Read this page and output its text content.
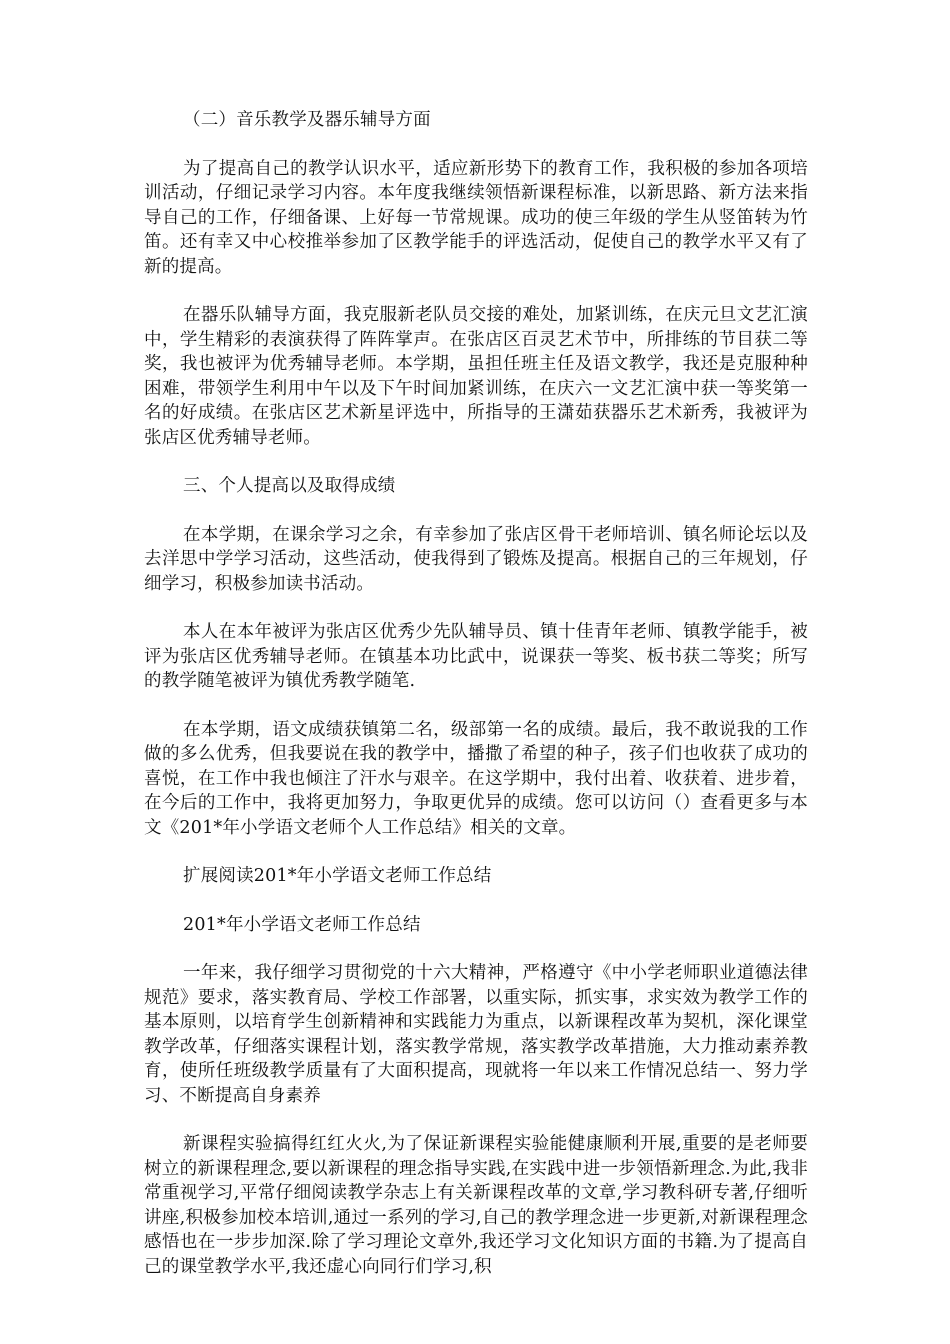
（二）音乐教学及器乐辅导方面

为了提高自己的教学认识水平，适应新形势下的教育工作，我积极的参加各项培训活动，仔细记录学习内容。本年度我继续领悟新课程标准，以新思路、新方法来指导自己的工作，仔细备课、上好每一节常规课。成功的使三年级的学生从竖笛转为竹笛。还有幸又中心校推举参加了区教学能手的评选活动，促使自己的教学水平又有了新的提高。

在器乐队辅导方面，我克服新老队员交接的难处，加紧训练，在庆元旦文艺汇演中，学生精彩的表演获得了阵阵掌声。在张店区百灵艺术节中，所排练的节目获二等奖，我也被评为优秀辅导老师。本学期，虽担任班主任及语文教学，我还是克服种种困难，带领学生利用中午以及下午时间加紧训练，在庆六一文艺汇演中获一等奖第一名的好成绩。在张店区艺术新星评选中，所指导的王潇茹获器乐艺术新秀，我被评为张店区优秀辅导老师。

三、个人提高以及取得成绩

在本学期，在课余学习之余，有幸参加了张店区骨干老师培训、镇名师论坛以及去洋思中学学习活动，这些活动，使我得到了锻炼及提高。根据自己的三年规划，仔细学习，积极参加读书活动。

本人在本年被评为张店区优秀少先队辅导员、镇十佳青年老师、镇教学能手，被评为张店区优秀辅导老师。在镇基本功比武中，说课获一等奖、板书获二等奖；所写的教学随笔被评为镇优秀教学随笔.

在本学期，语文成绩获镇第二名，级部第一名的成绩。最后，我不敢说我的工作做的多么优秀，但我要说在我的教学中，播撒了希望的种子，孩子们也收获了成功的喜悦，在工作中我也倾注了汗水与艰辛。在这学期中，我付出着、收获着、进步着，在今后的工作中，我将更加努力，争取更优异的成绩。您可以访问（）查看更多与本文《201*年小学语文老师个人工作总结》相关的文章。

扩展阅读201*年小学语文老师工作总结

201*年小学语文老师工作总结

一年来，我仔细学习贯彻党的十六大精神，严格遵守《中小学老师职业道德法律规范》要求，落实教育局、学校工作部署，以重实际，抓实事，求实效为教学工作的基本原则，以培育学生创新精神和实践能力为重点，以新课程改革为契机，深化课堂教学改革，仔细落实课程计划，落实教学常规，落实教学改革措施，大力推动素养教育，使所任班级教学质量有了大面积提高，现就将一年以来工作情况总结一、努力学习、不断提高自身素养

新课程实验搞得红红火火,为了保证新课程实验能健康顺利开展,重要的是老师要树立的新课程理念,要以新课程的理念指导实践,在实践中进一步领悟新理念.为此,我非常重视学习,平常仔细阅读教学杂志上有关新课程改革的文章,学习教科研专著,仔细听讲座,积极参加校本培训,通过一系列的学习,自己的教学理念进一步更新,对新课程理念感悟也在一步步加深.除了学习理论文章外,我还学习文化知识方面的书籍.为了提高自己的课堂教学水平,我还虚心向同行们学习,积
